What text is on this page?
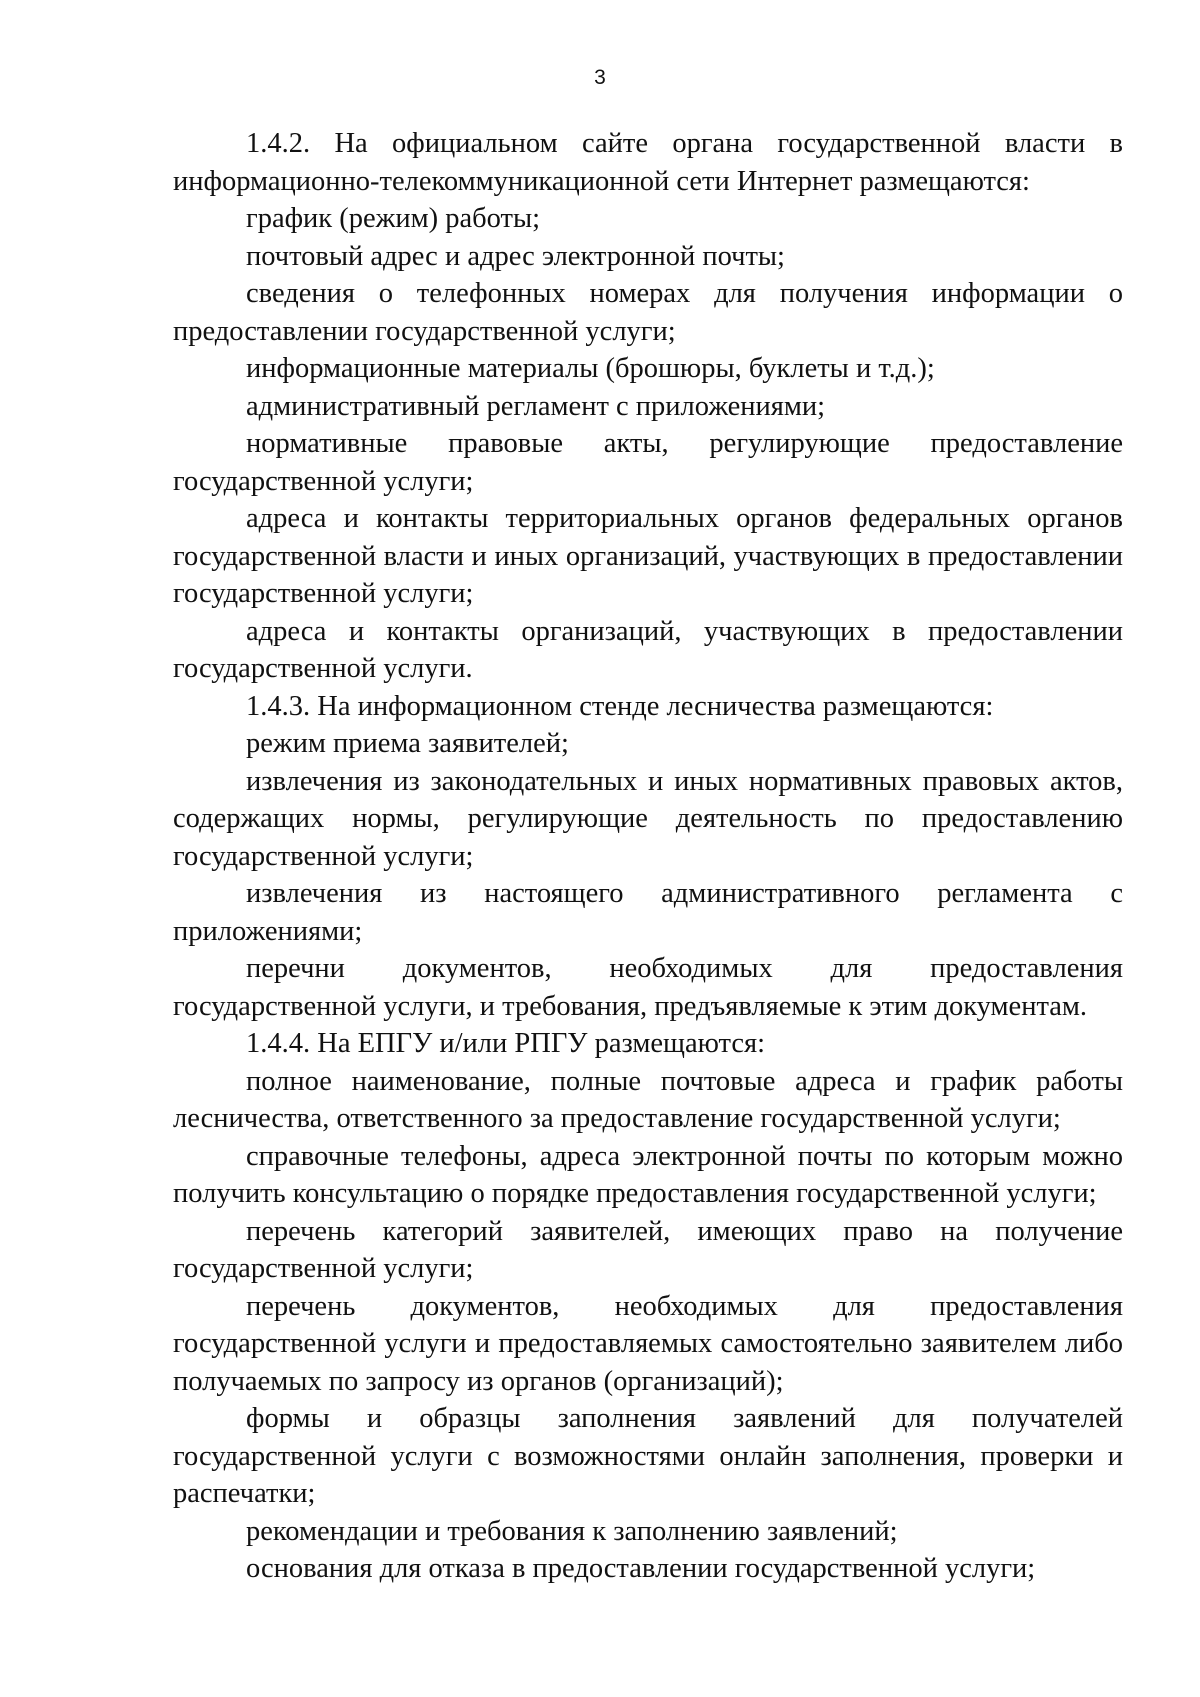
3

1.4.2. На официальном сайте органа государственной власти в информационно-телекоммуникационной сети Интернет размещаются:

график (режим) работы;

почтовый адрес и адрес электронной почты;

сведения о телефонных номерах для получения информации о предоставлении государственной услуги;

информационные материалы (брошюры, буклеты и т.д.);

административный регламент с приложениями;

нормативные правовые акты, регулирующие предоставление государственной услуги;

адреса и контакты территориальных органов федеральных органов государственной власти и иных организаций, участвующих в предоставлении государственной услуги;

адреса и контакты организаций, участвующих в предоставлении государственной услуги.

1.4.3. На информационном стенде лесничества размещаются:

режим приема заявителей;

извлечения из законодательных и иных нормативных правовых актов, содержащих нормы, регулирующие деятельность по предоставлению государственной услуги;

извлечения из настоящего административного регламента с приложениями;

перечни документов, необходимых для предоставления государственной услуги, и требования, предъявляемые к этим документам.

1.4.4. На ЕПГУ и/или РПГУ размещаются:

полное наименование, полные почтовые адреса и график работы лесничества, ответственного за предоставление государственной услуги;

справочные телефоны, адреса электронной почты по которым можно получить консультацию о порядке предоставления государственной услуги;

перечень категорий заявителей, имеющих право на получение государственной услуги;

перечень документов, необходимых для предоставления государственной услуги и предоставляемых самостоятельно заявителем либо получаемых по запросу из органов (организаций);

формы и образцы заполнения заявлений для получателей государственной услуги с возможностями онлайн заполнения, проверки и распечатки;

рекомендации и требования к заполнению заявлений;

основания для отказа в предоставлении государственной услуги;
